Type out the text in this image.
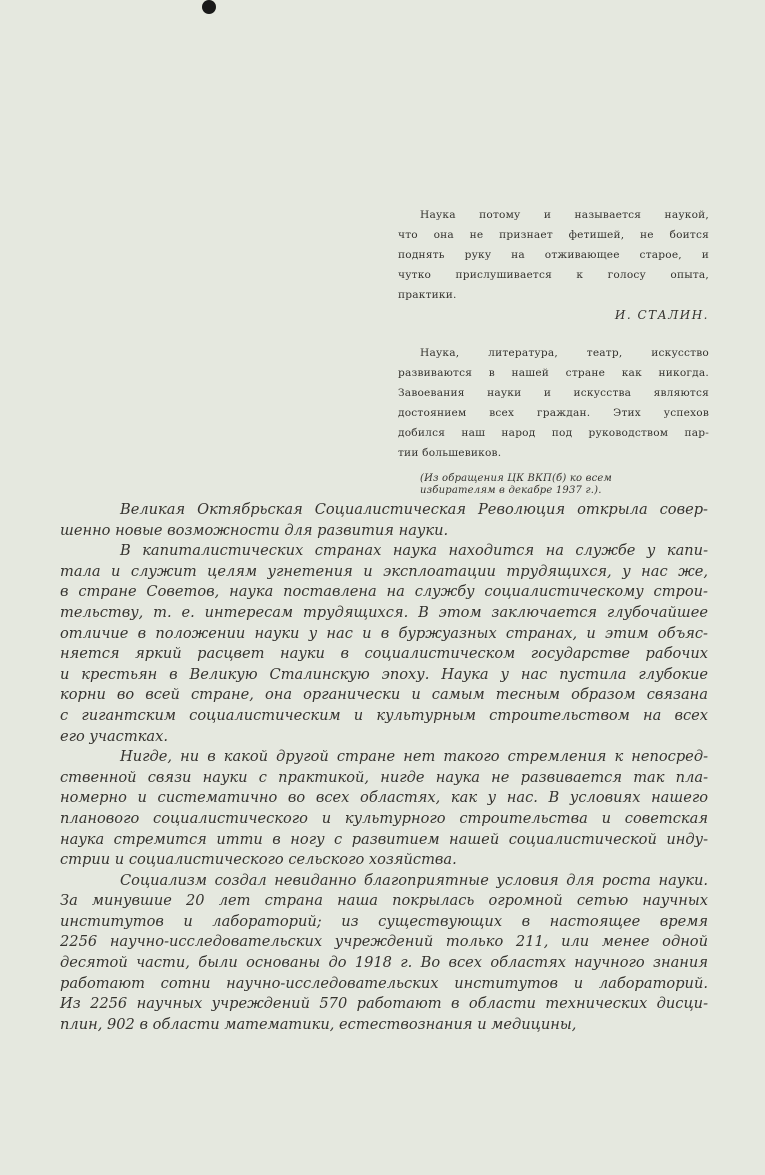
Наука потому и называется наукой,
что она не признает фетишей, не боится
поднять руку на отживающее старое, и
чутко прислушивается к голосу опыта,
практики.
И. СТАЛИН.
Наука, литература, театр, искусство
развиваются в нашей стране как никогда.
Завоевания науки и искусства являются
достоянием всех граждан. Этих успехов
добился наш народ под руководством пар-
тии большевиков.
(Из обращения ЦК ВКП(б) ко всем
избирателям в декабре 1937 г.).
Великая Октябрьская Социалистическая Революция открыла совер-
шенно новые возможности для развития науки.
В капиталистических странах наука находится на службе у капи-
тала и служит целям угнетения и эксплоатации трудящихся, у нас же,
в стране Советов, наука поставлена на службу социалистическому строи-
тельству, т. е. интересам трудящихся. В этом заключается глубочайшее
отличие в положении науки у нас и в буржуазных странах, и этим объяс-
няется яркий расцвет науки в социалистическом государстве рабочих
и крестьян в Великую Сталинскую эпоху. Наука у нас пустила глубокие
корни во всей стране, она органически и самым тесным образом связана
с гигантским социалистическим и культурным строительством на всех
его участках.
Нигде, ни в какой другой стране нет такого стремления к непосред-
ственной связи науки с практикой, нигде наука не развивается так пла-
номерно и систематично во всех областях, как у нас. В условиях нашего
планового социалистического и культурного строительства и советская
наука стремится итти в ногу с развитием нашей социалистической инду-
стрии и социалистического сельского хозяйства.
Социализм создал невиданно благоприятные условия для роста науки.
За минувшие 20 лет страна наша покрылась огромной сетью научных
институтов и лабораторий; из существующих в настоящее время
2256 научно-исследовательских учреждений только 211, или менее одной
десятой части, были основаны до 1918 г. Во всех областях научного знания
работают сотни научно-исследовательских институтов и лабораторий.
Из 2256 научных учреждений 570 работают в области технических дисци-
плин, 902 в области математики, естествознания и медицины,
